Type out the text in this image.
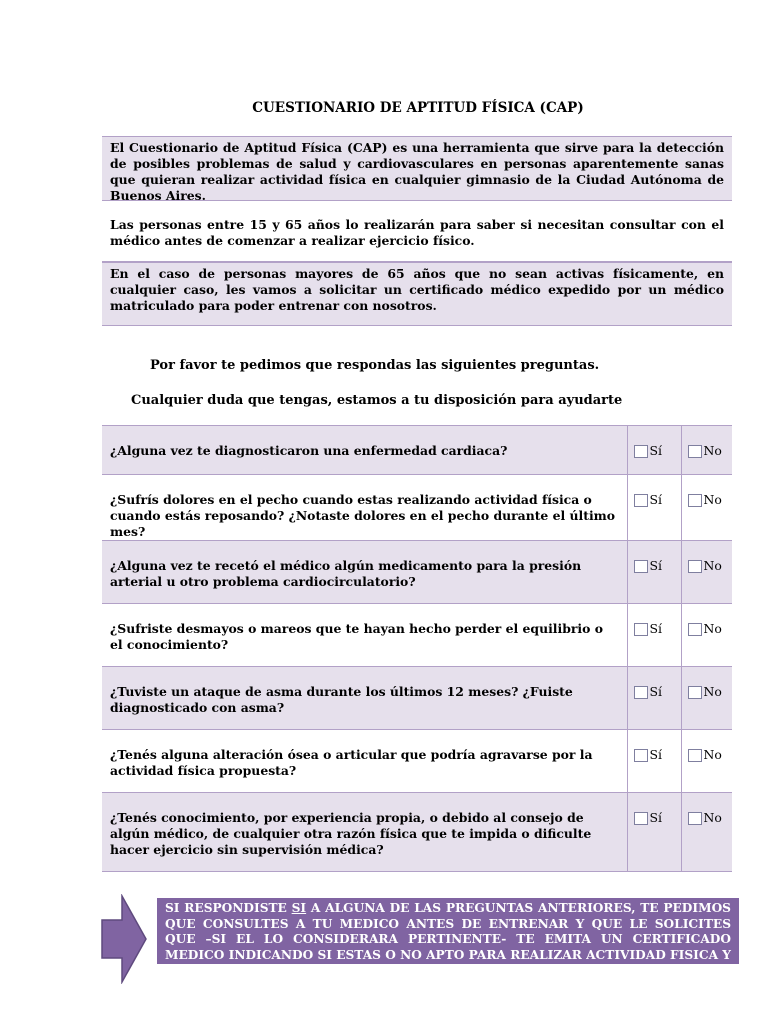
CUESTIONARIO DE APTITUD FÍSICA (CAP)
El Cuestionario de Aptitud Física (CAP) es una herramienta que sirve para la detección de posibles problemas de salud y cardiovasculares en personas aparentemente sanas que quieran realizar actividad física en cualquier gimnasio de la Ciudad Autónoma de Buenos Aires.
Las personas entre 15 y 65 años lo realizarán para saber si necesitan consultar con el médico antes de comenzar a realizar ejercicio físico.
En el caso de personas mayores de 65 años que no sean activas físicamente, en cualquier caso, les vamos a solicitar un certificado médico expedido por un médico matriculado para poder entrenar con nosotros.
Por favor te pedimos que respondas las siguientes preguntas.
Cualquier duda que tengas, estamos a tu disposición para ayudarte
¿Alguna vez te diagnosticaron una enfermedad cardiaca?	Sí	No

¿Sufrís dolores en el pecho cuando estas realizando actividad física o cuando estás reposando? ¿Notaste dolores en el pecho durante el último mes?	Sí	No

¿Alguna vez te recetó el médico algún medicamento para la presión arterial u otro problema cardiocirculatorio?	Sí	No

¿Sufriste desmayos o mareos que te hayan hecho perder el equilibrio o el conocimiento?	Sí	No

¿Tuviste un ataque de asma durante los últimos 12 meses? ¿Fuiste diagnosticado con asma?	Sí	No

¿Tenés alguna alteración ósea o articular que podría agravarse por la actividad física propuesta?	Sí	No

¿Tenés conocimiento, por experiencia propia, o debido al consejo de algún médico, de cualquier otra razón física que te impida o dificulte hacer ejercicio sin supervisión médica?	Sí	No
SI RESPONDISTE SI A ALGUNA DE LAS PREGUNTAS ANTERIORES, TE PEDIMOS QUE CONSULTES A TU MEDICO ANTES DE ENTRENAR Y QUE LE SOLICITES QUE –SI EL LO CONSIDERARA PERTINENTE- TE EMITA UN CERTIFICADO MEDICO INDICANDO SI ESTAS O NO APTO PARA REALIZAR ACTIVIDAD FISICA Y BAJO QUE CONDICIONES.
